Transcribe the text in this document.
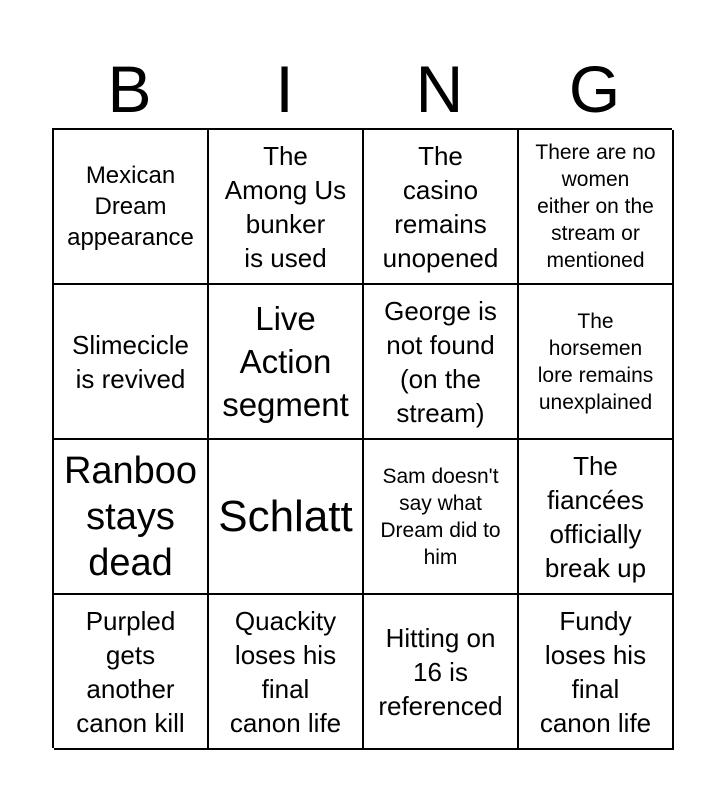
B	I	N	G
Mexican
Dream
appearance
The
Among Us
bunker
is used
The
casino
remains
unopened
There are no
women
either on the
stream or
mentioned
Slimecicle
is revived
Live
Action
segment
George is
not found
(on the
stream)
The
horsemen
lore remains
unexplained
Ranboo
stays
dead
Schlatt
Sam doesn't
say what
Dream did to
him
The
fiancées
officially
break up
Purpled
gets
another
canon kill
Quackity
loses his
final
canon life
Hitting on
16 is
referenced
Fundy
loses his
final
canon life
